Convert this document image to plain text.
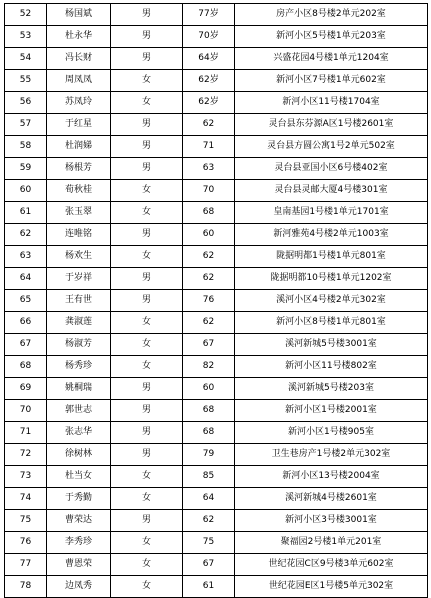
52	杨国斌	男	77岁	房产小区8号楼2单元202室
53	杜永华	男	70岁	新河小区5号楼1单元203室
54	冯长财	男	64岁	兴盛花园4号楼1单元1204室
55	周凤凤	女	62岁	新河小区7号楼1单元602室
56	苏凤玲	女	62岁	新河小区11号楼1704室
57	于红星	男	62	灵台县东芬源A区1号楼2601室
58	杜润娣	男	71	灵台县方圆公寓1号2单元502室
59	杨根芳	男	63	灵台县亚国小区6号楼402室
60	荀秋桂	女	70	灵台县灵邮大厦4号楼301室
61	张玉翠	女	68	皇南基园1号楼1单元1701室
62	连唯铭	男	60	新河雅苑4号楼2单元1003室
63	杨欢生	女	62	陇据明都1号楼1单元801室
64	于岁祥	男	62	陇据明都10号楼1单元1202室
65	王有世	男	76	溪河小区4号楼2单元302室
66	龚淑莲	女	62	新河小区8号楼1单元801室
67	杨淑芳	女	67	溪河新城5号楼3001室
68	杨秀珍	女	82	新河小区11号楼802室
69	姚桐瑞	男	60	溪河新城5号楼203室
70	郭世志	男	68	新河小区1号楼2001室
71	张志华	男	68	新河小区1号楼905室
72	徐树林	男	79	卫生巷房产1号楼2单元302室
73	杜当女	女	85	新河小区13号楼2004室
74	于秀勤	女	64	溪河新城4号楼2601室
75	曹荣达	男	62	新河小区3号楼3001室
76	李秀珍	女	75	聚福园2号楼1单元201室
77	曹恩荣	女	67	世纪花园C区9号楼3单元602室
78	边凤秀	女	61	世纪花园E区1号楼5单元302室
